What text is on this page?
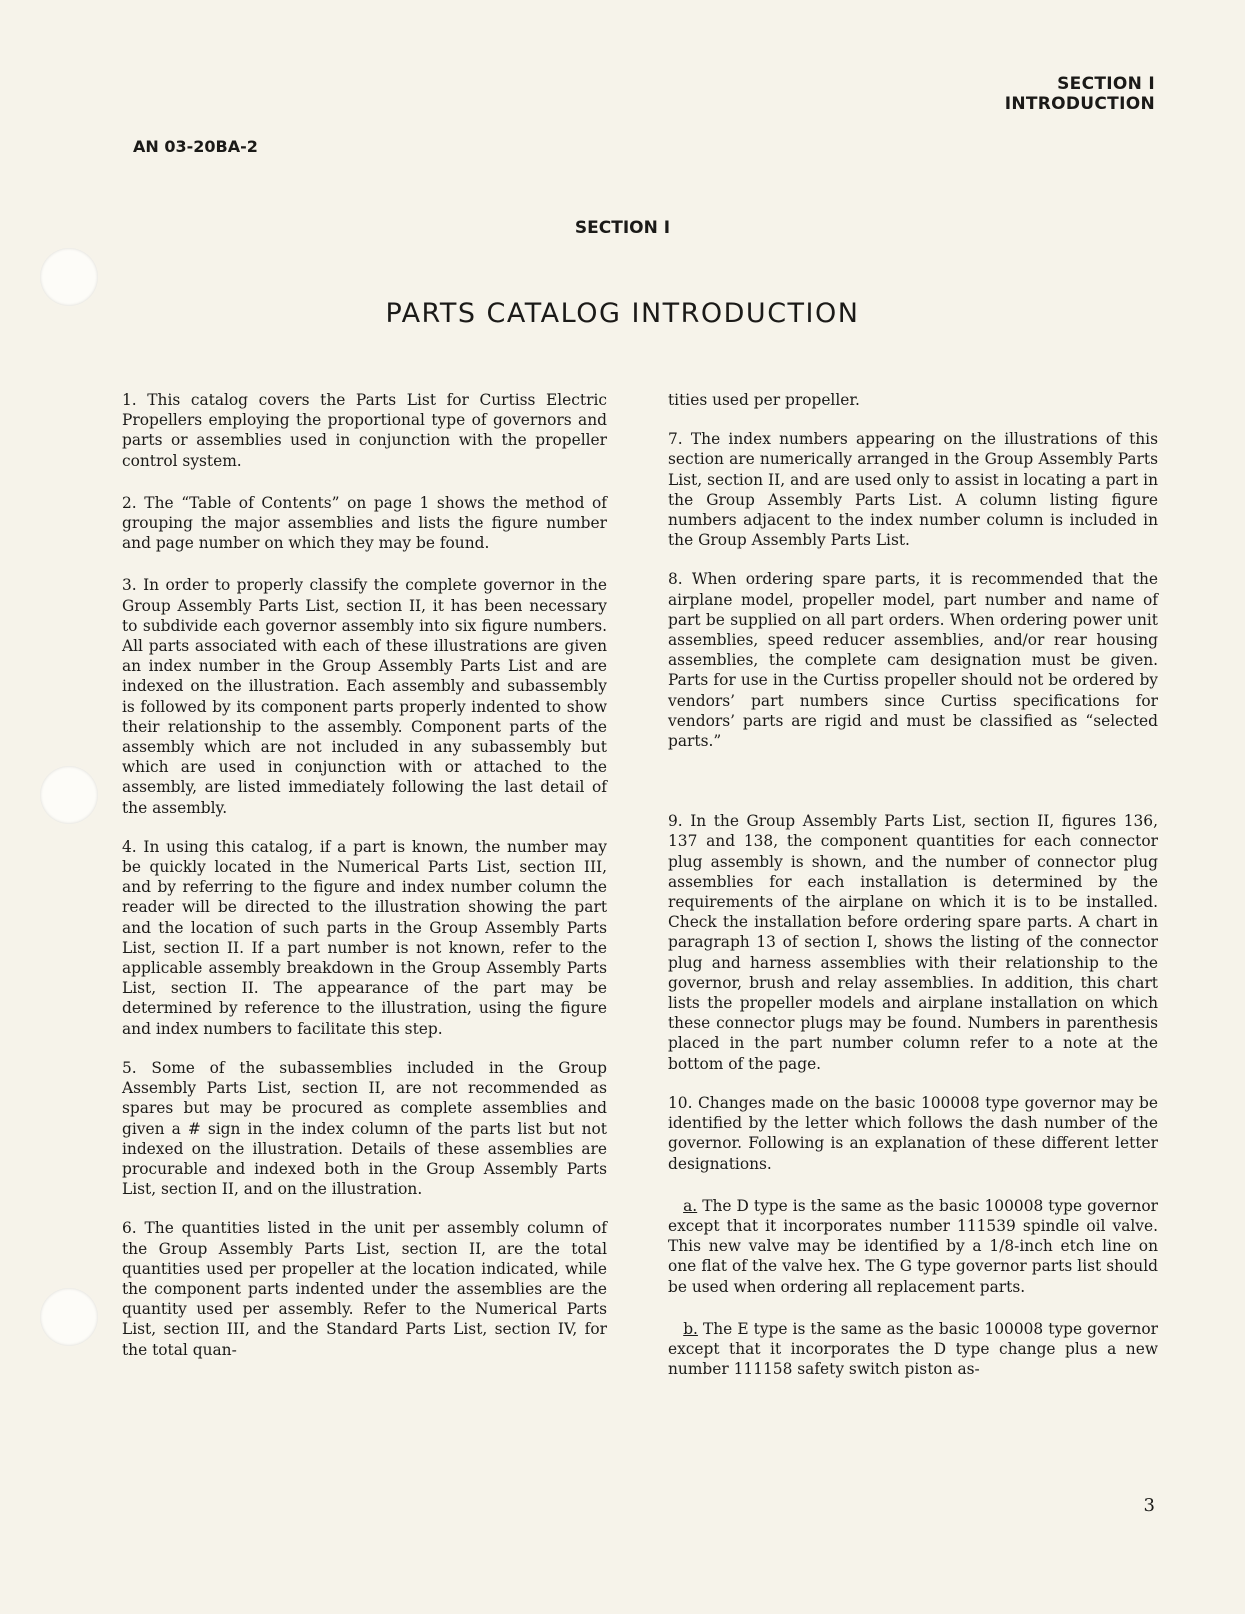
SECTION I
INTRODUCTION
AN 03-20BA-2
SECTION I
PARTS CATALOG INTRODUCTION

1. This catalog covers the Parts List for Curtiss Electric Propellers employing the proportional type of governors and parts or assemblies used in conjunction with the propeller control system.

2. The “Table of Contents” on page 1 shows the method of grouping the major assemblies and lists the figure number and page number on which they may be found.

3. In order to properly classify the complete governor in the Group Assembly Parts List, section II, it has been necessary to subdivide each governor assembly into six figure numbers. All parts associated with each of these illustrations are given an index number in the Group Assembly Parts List and are indexed on the illustration. Each assembly and subassembly is followed by its component parts properly indented to show their relationship to the assembly. Component parts of the assembly which are not included in any subassembly but which are used in conjunction with or attached to the assembly, are listed immediately following the last detail of the assembly.

4. In using this catalog, if a part is known, the number may be quickly located in the Numerical Parts List, section III, and by referring to the figure and index number column the reader will be directed to the illustration showing the part and the location of such parts in the Group Assembly Parts List, section II. If a part number is not known, refer to the applicable assembly breakdown in the Group Assembly Parts List, section II. The appearance of the part may be determined by reference to the illustration, using the figure and index numbers to facilitate this step.

5. Some of the subassemblies included in the Group Assembly Parts List, section II, are not recommended as spares but may be procured as complete assemblies and given a # sign in the index column of the parts list but not indexed on the illustration. Details of these assemblies are procurable and indexed both in the Group Assembly Parts List, section II, and on the illustration.

6. The quantities listed in the unit per assembly column of the Group Assembly Parts List, section II, are the total quantities used per propeller at the location indicated, while the component parts indented under the assemblies are the quantity used per assembly. Refer to the Numerical Parts List, section III, and the Standard Parts List, section IV, for the total quan-

tities used per propeller.

7. The index numbers appearing on the illustrations of this section are numerically arranged in the Group Assembly Parts List, section II, and are used only to assist in locating a part in the Group Assembly Parts List. A column listing figure numbers adjacent to the index number column is included in the Group Assembly Parts List.

8. When ordering spare parts, it is recommended that the airplane model, propeller model, part number and name of part be supplied on all part orders. When ordering power unit assemblies, speed reducer assemblies, and/or rear housing assemblies, the complete cam designation must be given. Parts for use in the Curtiss propeller should not be ordered by vendors’ part numbers since Curtiss specifications for vendors’ parts are rigid and must be classified as “selected parts.”

9. In the Group Assembly Parts List, section II, figures 136, 137 and 138, the component quantities for each connector plug assembly is shown, and the number of connector plug assemblies for each installation is determined by the requirements of the airplane on which it is to be installed. Check the installation before ordering spare parts. A chart in paragraph 13 of section I, shows the listing of the connector plug and harness assemblies with their relationship to the governor, brush and relay assemblies. In addition, this chart lists the propeller models and airplane installation on which these connector plugs may be found. Numbers in parenthesis placed in the part number column refer to a note at the bottom of the page.

10. Changes made on the basic 100008 type governor may be identified by the letter which follows the dash number of the governor. Following is an explanation of these different letter designations.

a. The D type is the same as the basic 100008 type governor except that it incorporates number 111539 spindle oil valve. This new valve may be identified by a 1/8-inch etch line on one flat of the valve hex. The G type governor parts list should be used when ordering all replacement parts.

b. The E type is the same as the basic 100008 type governor except that it incorporates the D type change plus a new number 111158 safety switch piston as-

3
